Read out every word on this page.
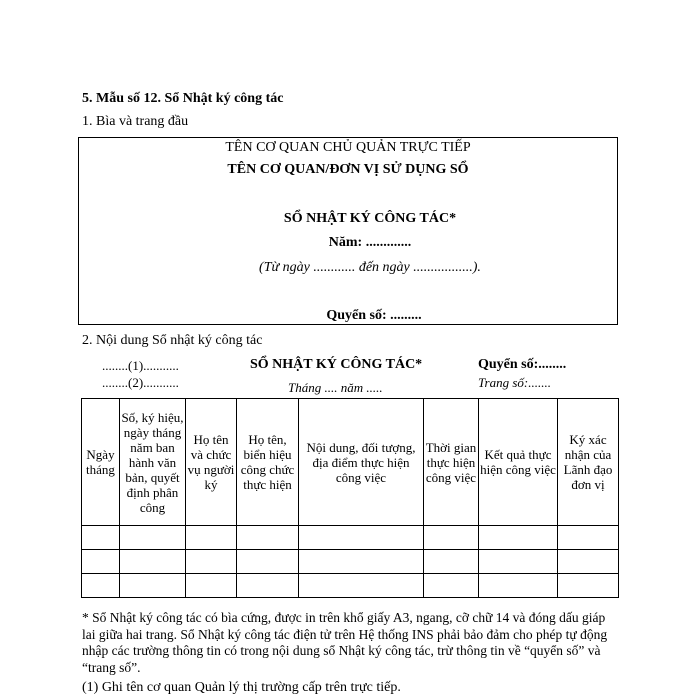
5. Mẫu số 12. Sổ Nhật ký công tác
1. Bìa và trang đầu
TÊN CƠ QUAN CHỦ QUẢN TRỰC TIẾP
TÊN CƠ QUAN/ĐƠN VỊ SỬ DỤNG SỔ
SỔ NHẬT KÝ CÔNG TÁC*
Năm: .............
(Từ ngày ............ đến ngày .................).
Quyển số: .........
2. Nội dung Sổ nhật ký công tác
........(1)...........
........(2)...........
SỔ NHẬT KÝ CÔNG TÁC*
Tháng .... năm .....
Quyển số:........
Trang số:.......
Ngày tháng	Số, ký hiệu, ngày tháng năm ban hành văn bản, quyết định phân công	Họ tên và chức vụ người ký	Họ tên, biển hiệu công chức thực hiện	Nội dung, đối tượng, địa điểm thực hiện công việc	Thời gian thực hiện công việc	Kết quả thực hiện công việc	Ký xác nhận của Lãnh đạo đơn vị

* Sổ Nhật ký công tác có bìa cứng, được in trên khổ giấy A3, ngang, cỡ chữ 14 và đóng dấu giáp lai giữa hai trang. Sổ Nhật ký công tác điện tử trên Hệ thống INS phải bảo đảm cho phép tự động nhập các trường thông tin có trong nội dung sổ Nhật ký công tác, trừ thông tin về “quyển số” và “trang số”.
(1) Ghi tên cơ quan Quản lý thị trường cấp trên trực tiếp.
